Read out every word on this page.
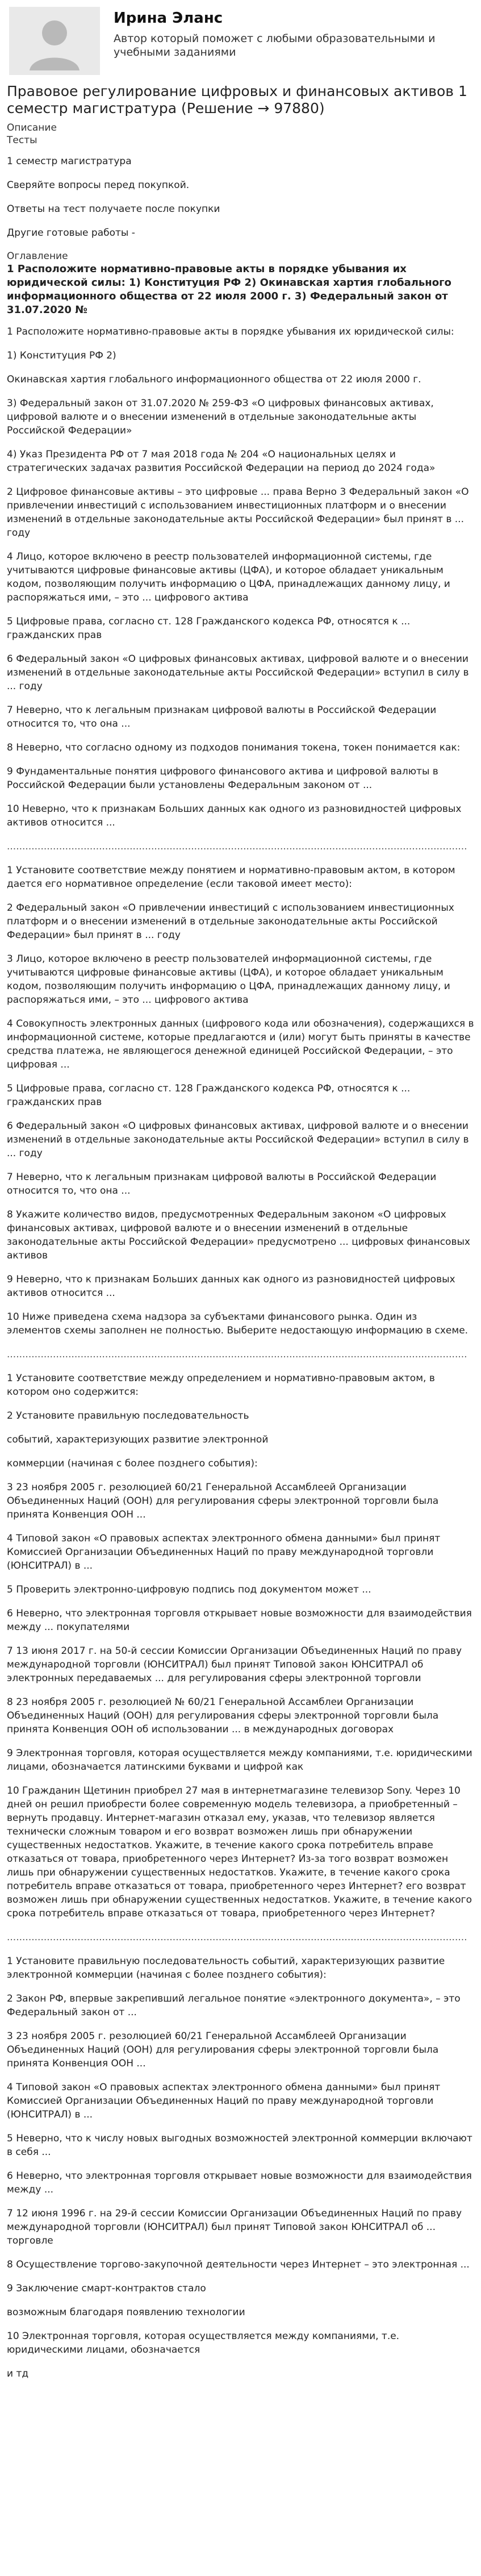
Ирина Эланс

Автор который поможет с любыми образовательными и учебными заданиями

Правовое регулирование цифровых и финансовых активов 1 семестр магистратура (Решение → 97880)

Описание

Тесты

1 семестр магистратура

Сверяйте вопросы перед покупкой.

Ответы на тест получаете после покупки

Другие готовые работы -

Оглавление

1 Расположите нормативно-правовые акты в порядке убывания их юридической силы: 1) Конституция РФ 2) Окинавская хартия глобального информационного общества от 22 июля 2000 г. 3) Федеральный закон от 31.07.2020 №

1 Расположите нормативно-правовые акты в порядке убывания их юридической силы:

1) Конституция РФ 2)

Окинавская хартия глобального информационного общества от 22 июля 2000 г.

3) Федеральный закон от 31.07.2020 № 259-ФЗ «О цифровых финансовых активах, цифровой валюте и о внесении изменений в отдельные законодательные акты Российской Федерации»

4) Указ Президента РФ от 7 мая 2018 года № 204 «О национальных целях и стратегических задачах развития Российской Федерации на период до 2024 года»

2 Цифровое финансовые активы – это цифровые ... права Верно 3 Федеральный закон «О привлечении инвестиций с использованием инвестиционных платформ и о внесении изменений в отдельные законодательные акты Российской Федерации» был принят в ... году

4 Лицо, которое включено в реестр пользователей информационной системы, где учитываются цифровые финансовые активы (ЦФА), и которое обладает уникальным кодом, позволяющим получить информацию о ЦФА, принадлежащих данному лицу, и распоряжаться ими, – это ... цифрового актива

5 Цифровые права, согласно ст. 128 Гражданского кодекса РФ, относятся к ... гражданских прав

6 Федеральный закон «О цифровых финансовых активах, цифровой валюте и о внесении изменений в отдельные законодательные акты Российской Федерации» вступил в силу в ... году

7 Неверно, что к легальным признакам цифровой валюты в Российской Федерации относится то, что она ...

8 Неверно, что согласно одному из подходов понимания токена, токен понимается как:

9 Фундаментальные понятия цифрового финансового актива и цифровой валюты в Российской Федерации были установлены Федеральным законом от ...

10 Неверно, что к признакам Больших данных как одного из разновидностей цифровых активов относится ...

......................................................................................................................................................

1 Установите соответствие между понятием и нормативно-правовым актом, в котором дается его нормативное определение (если таковой имеет место):

2 Федеральный закон «О привлечении инвестиций с использованием инвестиционных платформ и о внесении изменений в отдельные законодательные акты Российской Федерации» был принят в ... году

3 Лицо, которое включено в реестр пользователей информационной системы, где учитываются цифровые финансовые активы (ЦФА), и которое обладает уникальным кодом, позволяющим получить информацию о ЦФА, принадлежащих данному лицу, и распоряжаться ими, – это ... цифрового актива

4 Совокупность электронных данных (цифрового кода или обозначения), содержащихся в информационной системе, которые предлагаются и (или) могут быть приняты в качестве средства платежа, не являющегося денежной единицей Российской Федерации, – это цифровая ...

5 Цифровые права, согласно ст. 128 Гражданского кодекса РФ, относятся к ... гражданских прав

6 Федеральный закон «О цифровых финансовых активах, цифровой валюте и о внесении изменений в отдельные законодательные акты Российской Федерации» вступил в силу в ... году

7 Неверно, что к легальным признакам цифровой валюты в Российской Федерации относится то, что она ...

8 Укажите количество видов, предусмотренных Федеральным законом «О цифровых финансовых активах, цифровой валюте и о внесении изменений в отдельные законодательные акты Российской Федерации» предусмотрено ... цифровых финансовых активов

9 Неверно, что к признакам Больших данных как одного из разновидностей цифровых активов относится ...

10 Ниже приведена схема надзора за субъектами финансового рынка. Один из элементов схемы заполнен не полностью. Выберите недостающую информацию в схеме.

......................................................................................................................................................

1 Установите соответствие между определением и нормативно-правовым актом, в котором оно содержится:

2 Установите правильную последовательность

событий, характеризующих развитие электронной

коммерции (начиная с более позднего события):

3 23 ноября 2005 г. резолюцией 60/21 Генеральной Ассамблеей Организации Объединенных Наций (ООН) для регулирования сферы электронной торговли была принята Конвенция ООН ...

4 Типовой закон «О правовых аспектах электронного обмена данными» был принят Комиссией Организации Объединенных Наций по праву международной торговли (ЮНСИТРАЛ) в ...

5 Проверить электронно-цифровую подпись под документом может ...

6 Неверно, что электронная торговля открывает новые возможности для взаимодействия между ... покупателями

7 13 июня 2017 г. на 50-й сессии Комиссии Организации Объединенных Наций по праву международной торговли (ЮНСИТРАЛ) был принят Типовой закон ЮНСИТРАЛ об электронных передаваемых ... для регулирования сферы электронной торговли

8 23 ноября 2005 г. резолюцией № 60/21 Генеральной Ассамблеи Организации Объединенных Наций (ООН) для регулирования сферы электронной торговли была принята Конвенция ООН об использовании ... в международных договорах

9 Электронная торговля, которая осуществляется между компаниями, т.е. юридическими лицами, обозначается латинскими буквами и цифрой как

10 Гражданин Щетинин приобрел 27 мая в интернетмагазине телевизор Sony. Через 10 дней он решил приобрести более современную модель телевизора, а приобретенный – вернуть продавцу. Интернет-магазин отказал ему, указав, что телевизор является технически сложным товаром и его возврат возможен лишь при обнаружении существенных недостатков. Укажите, в течение какого срока потребитель вправе отказаться от товара, приобретенного через Интернет? Из-за того возврат возможен лишь при обнаружении существенных недостатков. Укажите, в течение какого срока потребитель вправе отказаться от товара, приобретенного через Интернет? его возврат возможен лишь при обнаружении существенных недостатков. Укажите, в течение какого срока потребитель вправе отказаться от товара, приобретенного через Интернет?

......................................................................................................................................................

1 Установите правильную последовательность событий, характеризующих развитие электронной коммерции (начиная с более позднего события):

2 Закон РФ, впервые закрепивший легальное понятие «электронного документа», – это Федеральный закон от ...

3 23 ноября 2005 г. резолюцией 60/21 Генеральной Ассамблеей Организации Объединенных Наций (ООН) для регулирования сферы электронной торговли была принята Конвенция ООН ...

4 Типовой закон «О правовых аспектах электронного обмена данными» был принят Комиссией Организации Объединенных Наций по праву международной торговли (ЮНСИТРАЛ) в ...

5 Неверно, что к числу новых выгодных возможностей электронной коммерции включают в себя ...

6 Неверно, что электронная торговля открывает новые возможности для взаимодействия между ...

7 12 июня 1996 г. на 29-й сессии Комиссии Организации Объединенных Наций по праву международной торговли (ЮНСИТРАЛ) был принят Типовой закон ЮНСИТРАЛ об ... торговле

8 Осуществление торгово-закупочной деятельности через Интернет – это электронная ...

9 Заключение смарт-контрактов стало

возможным благодаря появлению технологии

10 Электронная торговля, которая осуществляется между компаниями, т.е. юридическими лицами, обозначается

и тд
